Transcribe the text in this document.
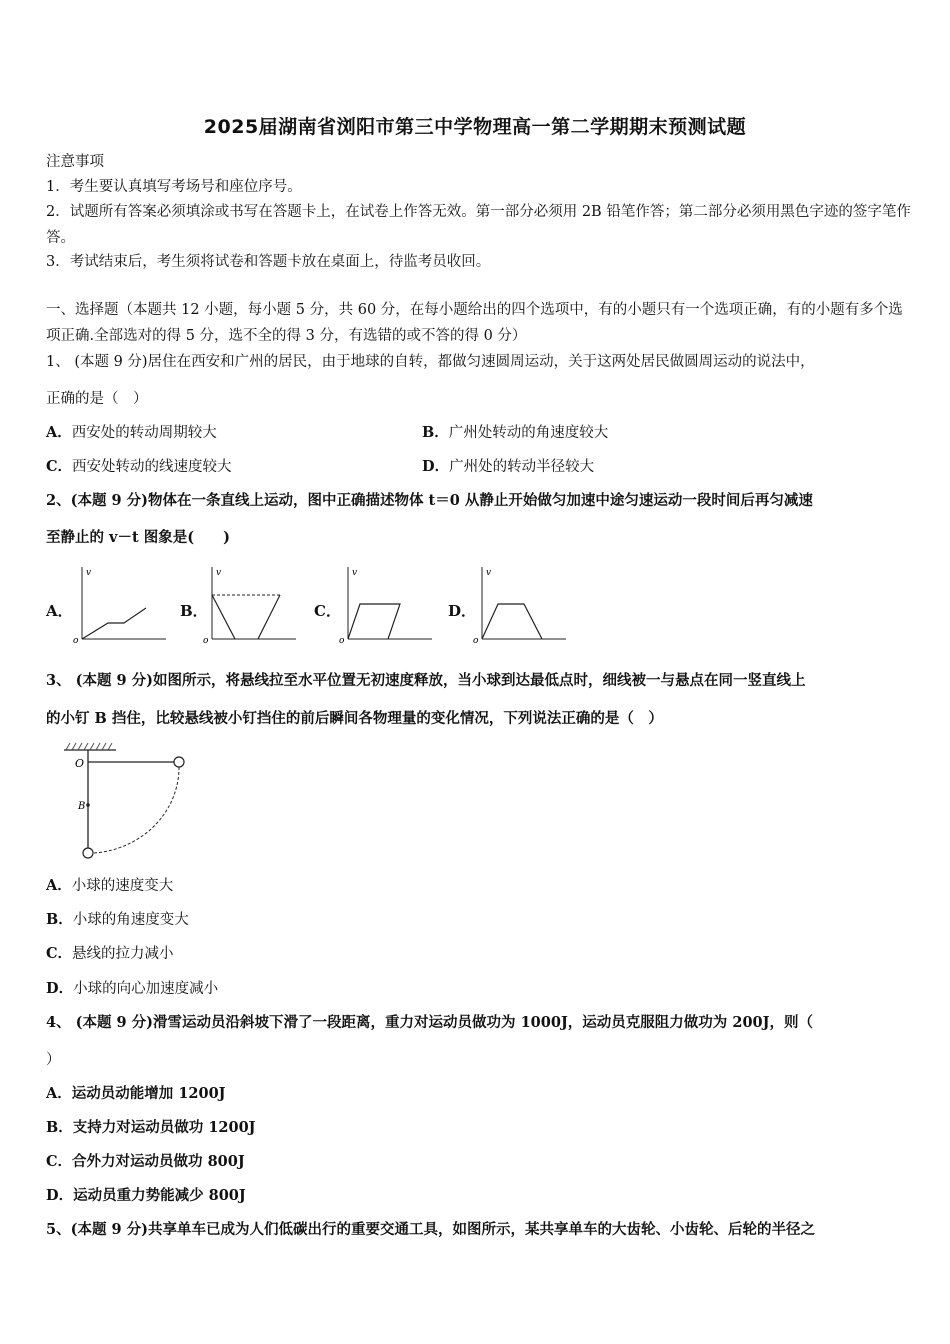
2025届湖南省浏阳市第三中学物理高一第二学期期末预测试题
注意事项
1．考生要认真填写考场号和座位序号。
2．试题所有答案必须填涂或书写在答题卡上，在试卷上作答无效。第一部分必须用 2B 铅笔作答；第二部分必须用黑色字迹的签字笔作答。
3．考试结束后，考生须将试卷和答题卡放在桌面上，待监考员收回。
一、选择题（本题共 12 小题，每小题 5 分，共 60 分，在每小题给出的四个选项中，有的小题只有一个选项正确，有的小题有多个选项正确.全部选对的得 5 分，选不全的得 3 分，有选错的或不答的得 0 分）
1、 (本题 9 分)居住在西安和广州的居民，由于地球的自转，都做匀速圆周运动，关于这两处居民做圆周运动的说法中，
正确的是（　）
A．西安处的转动周期较大	B．广州处转动的角速度较大
C．西安处转动的线速度较大	D．广州处的转动半径较大
2、(本题 9 分)物体在一条直线上运动，图中正确描述物体 t＝0 从静止开始做匀加速中途匀速运动一段时间后再匀减速
至静止的 v－t 图象是(　　)
A．
v
o
B．
v
o
C．
v
o
D．
v
o
3、 (本题 9 分)如图所示，将悬线拉至水平位置无初速度释放，当小球到达最低点时，细线被一与悬点在同一竖直线上
的小钉 B 挡住，比较悬线被小钉挡住的前后瞬间各物理量的变化情况，下列说法正确的是（　）
O
B
A．小球的速度变大
B．小球的角速度变大
C．悬线的拉力减小
D．小球的向心加速度减小
4、 (本题 9 分)滑雪运动员沿斜坡下滑了一段距离，重力对运动员做功为 1000J，运动员克服阻力做功为 200J，则（
）
A．运动员动能增加 1200J
B．支持力对运动员做功 1200J
C．合外力对运动员做功 800J
D．运动员重力势能减少 800J
5、(本题 9 分)共享单车已成为人们低碳出行的重要交通工具，如图所示，某共享单车的大齿轮、小齿轮、后轮的半径之
